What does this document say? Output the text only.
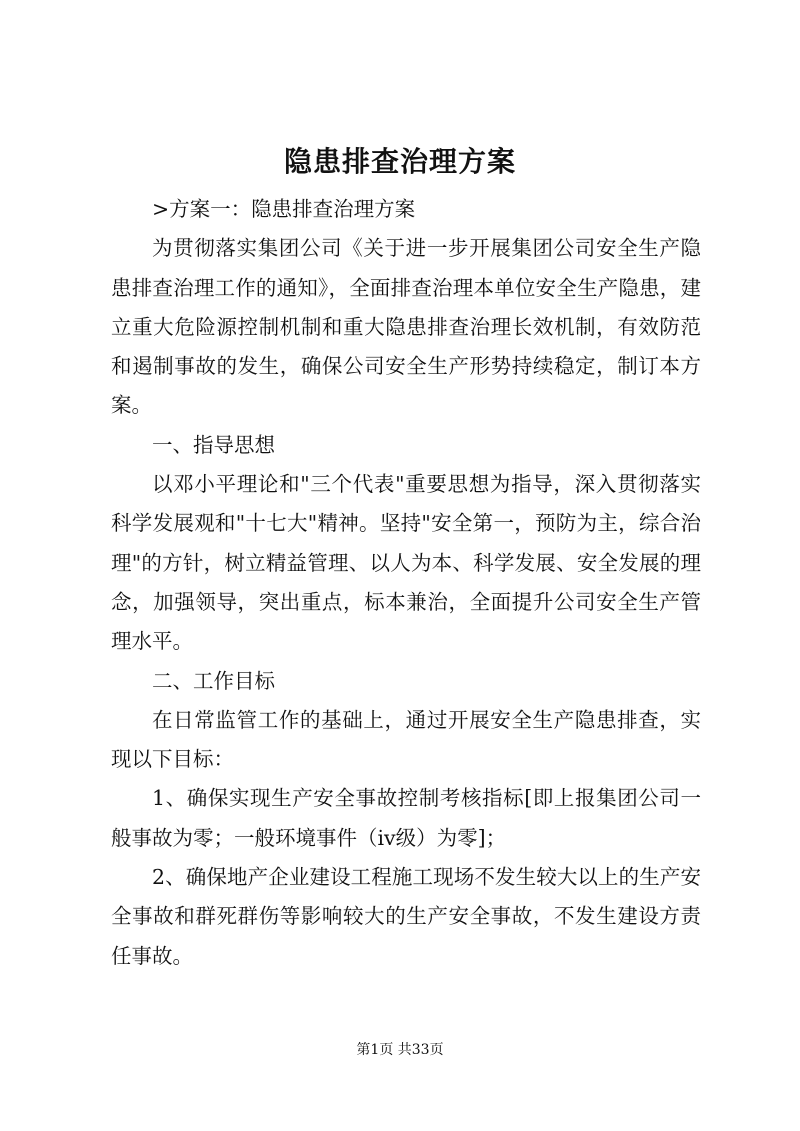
隐患排查治理方案

>方案一：隐患排查治理方案

为贯彻落实集团公司《关于进一步开展集团公司安全生产隐患排查治理工作的通知》，全面排查治理本单位安全生产隐患，建立重大危险源控制机制和重大隐患排查治理长效机制，有效防范和遏制事故的发生，确保公司安全生产形势持续稳定，制订本方案。

一、指导思想

以邓小平理论和"三个代表"重要思想为指导，深入贯彻落实科学发展观和"十七大"精神。坚持"安全第一，预防为主，综合治理"的方针，树立精益管理、以人为本、科学发展、安全发展的理念，加强领导，突出重点，标本兼治，全面提升公司安全生产管理水平。

二、工作目标

在日常监管工作的基础上，通过开展安全生产隐患排查，实现以下目标：

1、确保实现生产安全事故控制考核指标[即上报集团公司一般事故为零；一般环境事件（iv级）为零]；

2、确保地产企业建设工程施工现场不发生较大以上的生产安全事故和群死群伤等影响较大的生产安全事故，不发生建设方责任事故。

第1页 共33页
